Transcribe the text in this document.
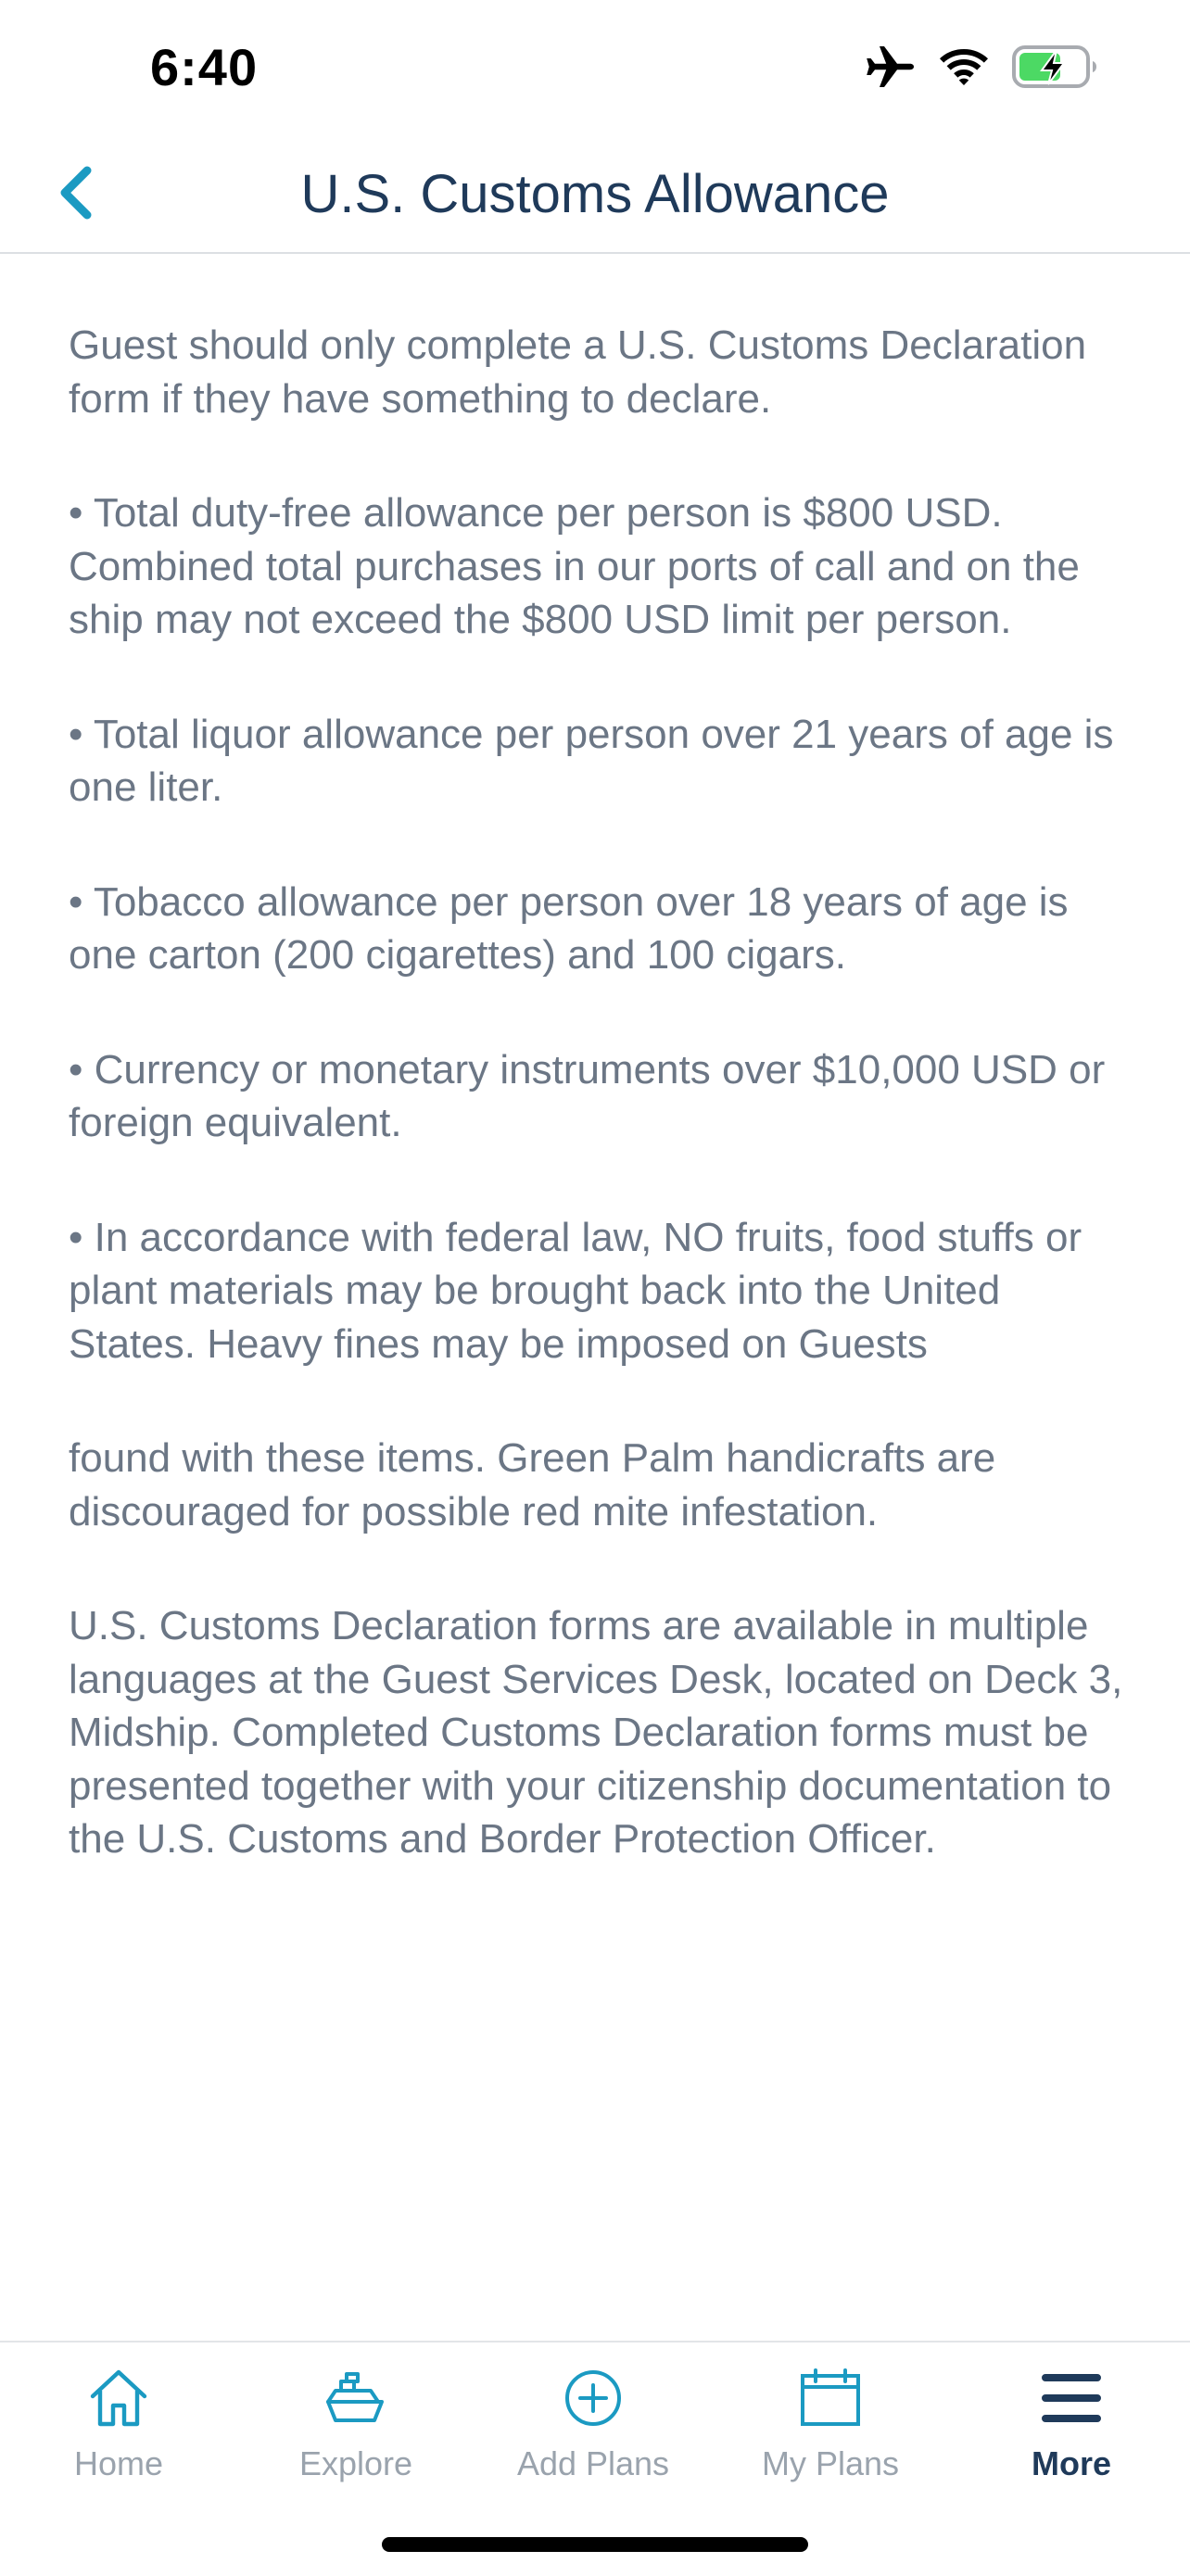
6:40
U.S. Customs Allowance

Guest should only complete a U.S. Customs Declaration form if they have something to declare.

• Total duty-free allowance per person is $800 USD. Combined total purchases in our ports of call and on the ship may not exceed the $800 USD limit per person.

• Total liquor allowance per person over 21 years of age is one liter.

• Tobacco allowance per person over 18 years of age is one carton (200 cigarettes) and 100 cigars.

• Currency or monetary instruments over $10,000 USD or foreign equivalent.

• In accordance with federal law, NO fruits, food stuffs or plant materials may be brought back into the United States. Heavy fines may be imposed on Guests

found with these items. Green Palm handicrafts are discouraged for possible red mite infestation.

U.S. Customs Declaration forms are available in multiple languages at the Guest Services Desk, located on Deck 3, Midship. Completed Customs Declaration forms must be presented together with your citizenship documentation to the U.S. Customs and Border Protection Officer.

Home	Explore	Add Plans	My Plans	More
